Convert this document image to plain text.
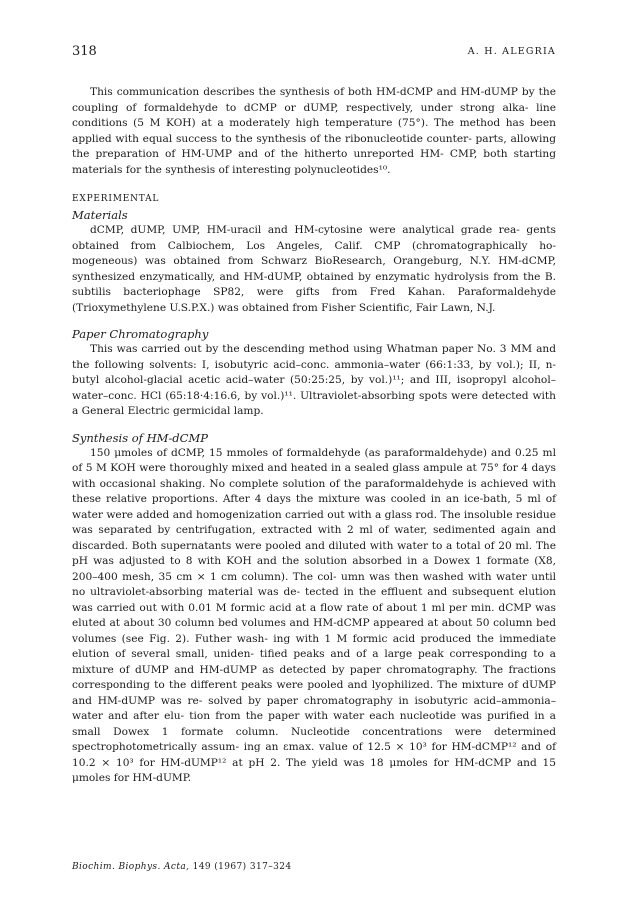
318	A. H. ALEGRIA

This communication describes the synthesis of both HM-dCMP and HM-dUMP by the coupling of formaldehyde to dCMP or dUMP, respectively, under strong alka- line conditions (5 M KOH) at a moderately high temperature (75°). The method has been applied with equal success to the synthesis of the ribonucleotide counter- parts, allowing the preparation of HM-UMP and of the hitherto unreported HM- CMP, both starting materials for the synthesis of interesting polynucleotides¹⁰.

EXPERIMENTAL
Materials

dCMP, dUMP, UMP, HM-uracil and HM-cytosine were analytical grade rea- gents obtained from Calbiochem, Los Angeles, Calif. CMP (chromatographically ho- mogeneous) was obtained from Schwarz BioResearch, Orangeburg, N.Y. HM-dCMP, synthesized enzymatically, and HM-dUMP, obtained by enzymatic hydrolysis from the B. subtilis bacteriophage SP82, were gifts from Fred Kahan. Paraformaldehyde (Trioxymethylene U.S.P.X.) was obtained from Fisher Scientific, Fair Lawn, N.J.

Paper Chromatography

This was carried out by the descending method using Whatman paper No. 3 MM and the following solvents: I, isobutyric acid–conc. ammonia–water (66:1:33, by vol.); II, n-butyl alcohol-glacial acetic acid–water (50:25:25, by vol.)¹¹; and III, isopropyl alcohol–water–conc. HCl (65:18·4:16.6, by vol.)¹¹. Ultraviolet-absorbing spots were detected with a General Electric germicidal lamp.

Synthesis of HM-dCMP

150 μmoles of dCMP, 15 mmoles of formaldehyde (as paraformaldehyde) and 0.25 ml of 5 M KOH were thoroughly mixed and heated in a sealed glass ampule at 75° for 4 days with occasional shaking. No complete solution of the paraformaldehyde is achieved with these relative proportions. After 4 days the mixture was cooled in an ice-bath, 5 ml of water were added and homogenization carried out with a glass rod. The insoluble residue was separated by centrifugation, extracted with 2 ml of water, sedimented again and discarded. Both supernatants were pooled and diluted with water to a total of 20 ml. The pH was adjusted to 8 with KOH and the solution absorbed in a Dowex 1 formate (X8, 200–400 mesh, 35 cm × 1 cm column). The col- umn was then washed with water until no ultraviolet-absorbing material was de- tected in the effluent and subsequent elution was carried out with 0.01 M formic acid at a flow rate of about 1 ml per min. dCMP was eluted at about 30 column bed volumes and HM-dCMP appeared at about 50 column bed volumes (see Fig. 2). Futher wash- ing with 1 M formic acid produced the immediate elution of several small, uniden- tified peaks and of a large peak corresponding to a mixture of dUMP and HM-dUMP as detected by paper chromatography. The fractions corresponding to the different peaks were pooled and lyophilized. The mixture of dUMP and HM-dUMP was re- solved by paper chromatography in isobutyric acid–ammonia–water and after elu- tion from the paper with water each nucleotide was purified in a small Dowex 1 formate column. Nucleotide concentrations were determined spectrophotometrically assum- ing an εmax. value of 12.5 × 10³ for HM-dCMP¹² and of 10.2 × 10³ for HM-dUMP¹² at pH 2. The yield was 18 μmoles for HM-dCMP and 15 μmoles for HM-dUMP.

Biochim. Biophys. Acta, 149 (1967) 317–324
